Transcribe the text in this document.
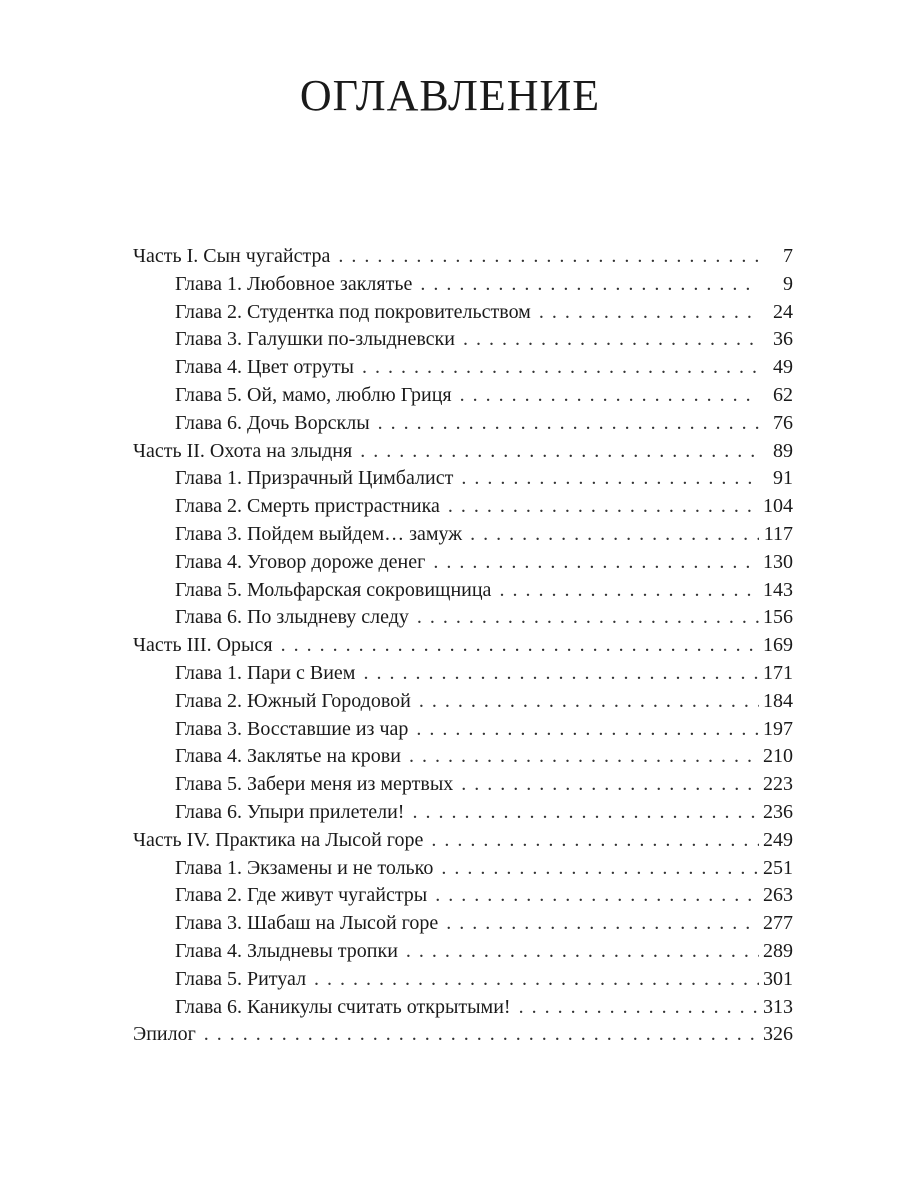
ОГЛАВЛЕНИЕ
Часть I. Сын чугайстра . . .	7
Глава 1. Любовное заклятье . . .	9
Глава 2. Студентка под покровительством . . .	24
Глава 3. Галушки по-злыдневски . . .	36
Глава 4. Цвет отруты . . .	49
Глава 5. Ой, мамо, люблю Гриця . . .	62
Глава 6. Дочь Ворсклы . . .	76
Часть II. Охота на злыдня . . .	89
Глава 1. Призрачный Цимбалист . . .	91
Глава 2. Смерть пристрастника . . .	104
Глава 3. Пойдем выйдем… замуж . . .	117
Глава 4. Уговор дороже денег . . .	130
Глава 5. Мольфарская сокровищница . . .	143
Глава 6. По злыдневу следу . . .	156
Часть III. Орыся . . .	169
Глава 1. Пари с Вием . . .	171
Глава 2. Южный Городовой . . .	184
Глава 3. Восставшие из чар . . .	197
Глава 4. Заклятье на крови . . .	210
Глава 5. Забери меня из мертвых . . .	223
Глава 6. Упыри прилетели! . . .	236
Часть IV. Практика на Лысой горе . . .	249
Глава 1. Экзамены и не только . . .	251
Глава 2. Где живут чугайстры . . .	263
Глава 3. Шабаш на Лысой горе . . .	277
Глава 4. Злыдневы тропки . . .	289
Глава 5. Ритуал . . .	301
Глава 6. Каникулы считать открытыми! . . .	313
Эпилог . . .	326
